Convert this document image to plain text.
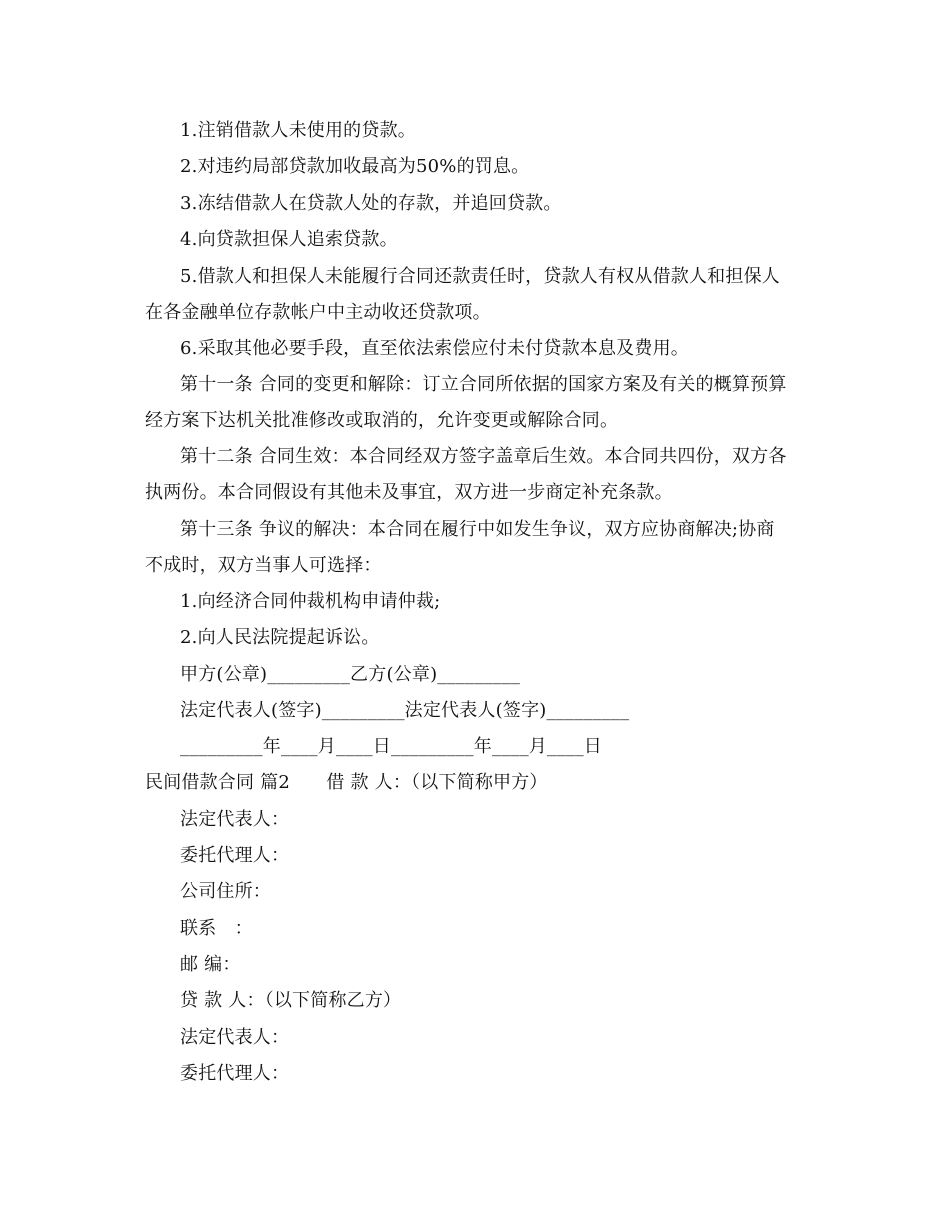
1.注销借款人未使用的贷款。
2.对违约局部贷款加收最高为50%的罚息。
3.冻结借款人在贷款人处的存款，并追回贷款。
4.向贷款担保人追索贷款。
5.借款人和担保人未能履行合同还款责任时，贷款人有权从借款人和担保人
在各金融单位存款帐户中主动收还贷款项。
6.采取其他必要手段，直至依法索偿应付未付贷款本息及费用。
第十一条 合同的变更和解除：订立合同所依据的国家方案及有关的概算预算
经方案下达机关批准修改或取消的，允许变更或解除合同。
第十二条 合同生效：本合同经双方签字盖章后生效。本合同共四份，双方各
执两份。本合同假设有其他未及事宜，双方进一步商定补充条款。
第十三条 争议的解决：本合同在履行中如发生争议，双方应协商解决;协商
不成时，双方当事人可选择：
1.向经济合同仲裁机构申请仲裁;
2.向人民法院提起诉讼。
甲方(公章)_________乙方(公章)_________
法定代表人(签字)_________法定代表人(签字)_________
_________年____月____日_________年____月____日
民间借款合同 篇2　　借 款 人：（以下简称甲方）
法定代表人：
委托代理人：
公司住所：
联系　：
邮 编：
贷 款 人：（以下简称乙方）
法定代表人：
委托代理人：
